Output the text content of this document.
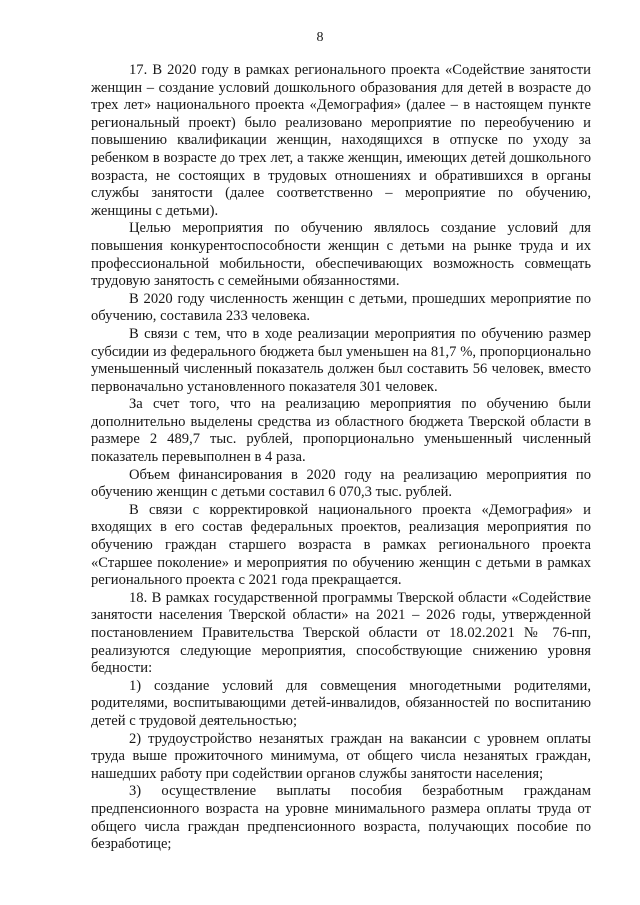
8

17. В 2020 году в рамках регионального проекта «Содействие занятости женщин – создание условий дошкольного образования для детей в возрасте до трех лет» национального проекта «Демография» (далее – в настоящем пункте региональный проект) было реализовано мероприятие по переобучению и повышению квалификации женщин, находящихся в отпуске по уходу за ребенком в возрасте до трех лет, а также женщин, имеющих детей дошкольного возраста, не состоящих в трудовых отношениях и обратившихся в органы службы занятости (далее соответственно – мероприятие по обучению, женщины с детьми).

Целью мероприятия по обучению являлось создание условий для повышения конкурентоспособности женщин с детьми на рынке труда и их профессиональной мобильности, обеспечивающих возможность совмещать трудовую занятость с семейными обязанностями.

В 2020 году численность женщин с детьми, прошедших мероприятие по обучению, составила 233 человека.

В связи с тем, что в ходе реализации мероприятия по обучению размер субсидии из федерального бюджета был уменьшен на 81,7 %, пропорционально уменьшенный численный показатель должен был составить 56 человек, вместо первоначально установленного показателя 301 человек.

За счет того, что на реализацию мероприятия по обучению были дополнительно выделены средства из областного бюджета Тверской области в размере 2 489,7 тыс. рублей, пропорционально уменьшенный численный показатель перевыполнен в 4 раза.

Объем финансирования в 2020 году на реализацию мероприятия по обучению женщин с детьми составил 6 070,3 тыс. рублей.

В связи с корректировкой национального проекта «Демография» и входящих в его состав федеральных проектов, реализация мероприятия по обучению граждан старшего возраста в рамках регионального проекта «Старшее поколение» и мероприятия по обучению женщин с детьми в рамках регионального проекта с 2021 года прекращается.

18. В рамках государственной программы Тверской области «Содействие занятости населения Тверской области» на 2021 – 2026 годы, утвержденной постановлением Правительства Тверской области от 18.02.2021 № 76-пп, реализуются следующие мероприятия, способствующие снижению уровня бедности:

1) создание условий для совмещения многодетными родителями, родителями, воспитывающими детей-инвалидов, обязанностей по воспитанию детей с трудовой деятельностью;

2) трудоустройство незанятых граждан на вакансии с уровнем оплаты труда выше прожиточного минимума, от общего числа незанятых граждан, нашедших работу при содействии органов службы занятости населения;

3) осуществление выплаты пособия безработным гражданам предпенсионного возраста на уровне минимального размера оплаты труда от общего числа граждан предпенсионного возраста, получающих пособие по безработице;
